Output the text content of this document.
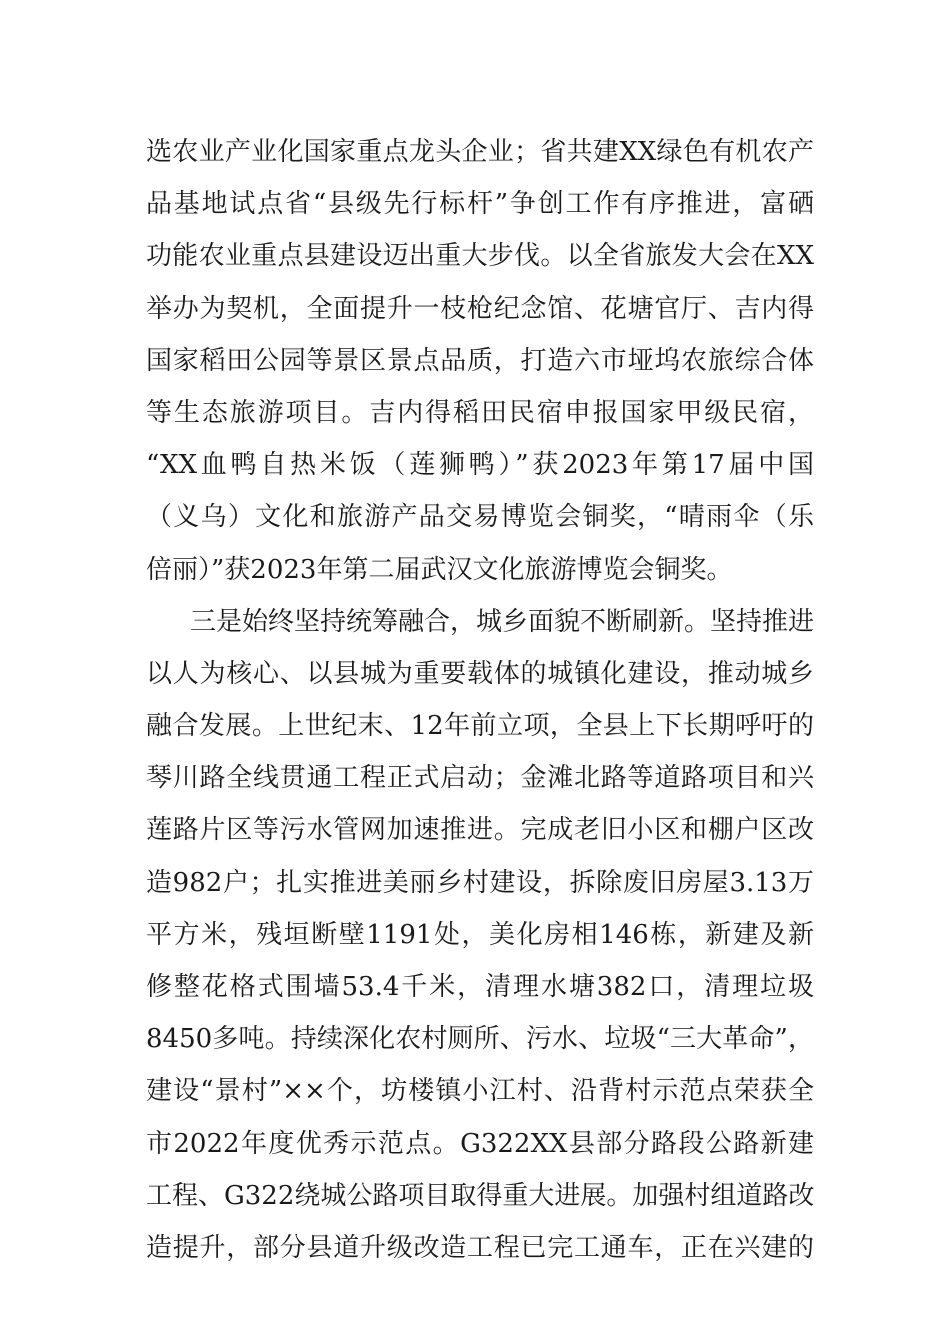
选农业产业化国家重点龙头企业；省共建XX绿色有机农产
品基地试点省“县级先行标杆”争创工作有序推进，富硒
功能农业重点县建设迈出重大步伐。以全省旅发大会在XX
举办为契机，全面提升一枝枪纪念馆、花塘官厅、吉内得
国家稻田公园等景区景点品质，打造六市垭坞农旅综合体
等生态旅游项目。吉内得稻田民宿申报国家甲级民宿，
“XX血鸭自热米饭（莲狮鸭）”获2023年第17届中国
（义乌）文化和旅游产品交易博览会铜奖，“晴雨伞（乐
倍丽）”获2023年第二届武汉文化旅游博览会铜奖。
三是始终坚持统筹融合，城乡面貌不断刷新。坚持推进
以人为核心、以县城为重要载体的城镇化建设，推动城乡
融合发展。上世纪末、12年前立项，全县上下长期呼吁的
琴川路全线贯通工程正式启动；金滩北路等道路项目和兴
莲路片区等污水管网加速推进。完成老旧小区和棚户区改
造982户；扎实推进美丽乡村建设，拆除废旧房屋3.13万
平方米，残垣断壁1191处，美化房相146栋，新建及新
修整花格式围墙53.4千米，清理水塘382口，清理垃圾
8450多吨。持续深化农村厕所、污水、垃圾“三大革命”，
建设“景村”××个，坊楼镇小江村、沿背村示范点荣获全
市2022年度优秀示范点。G322XX县部分路段公路新建
工程、G322绕城公路项目取得重大进展。加强村组道路改
造提升，部分县道升级改造工程已完工通车，正在兴建的
